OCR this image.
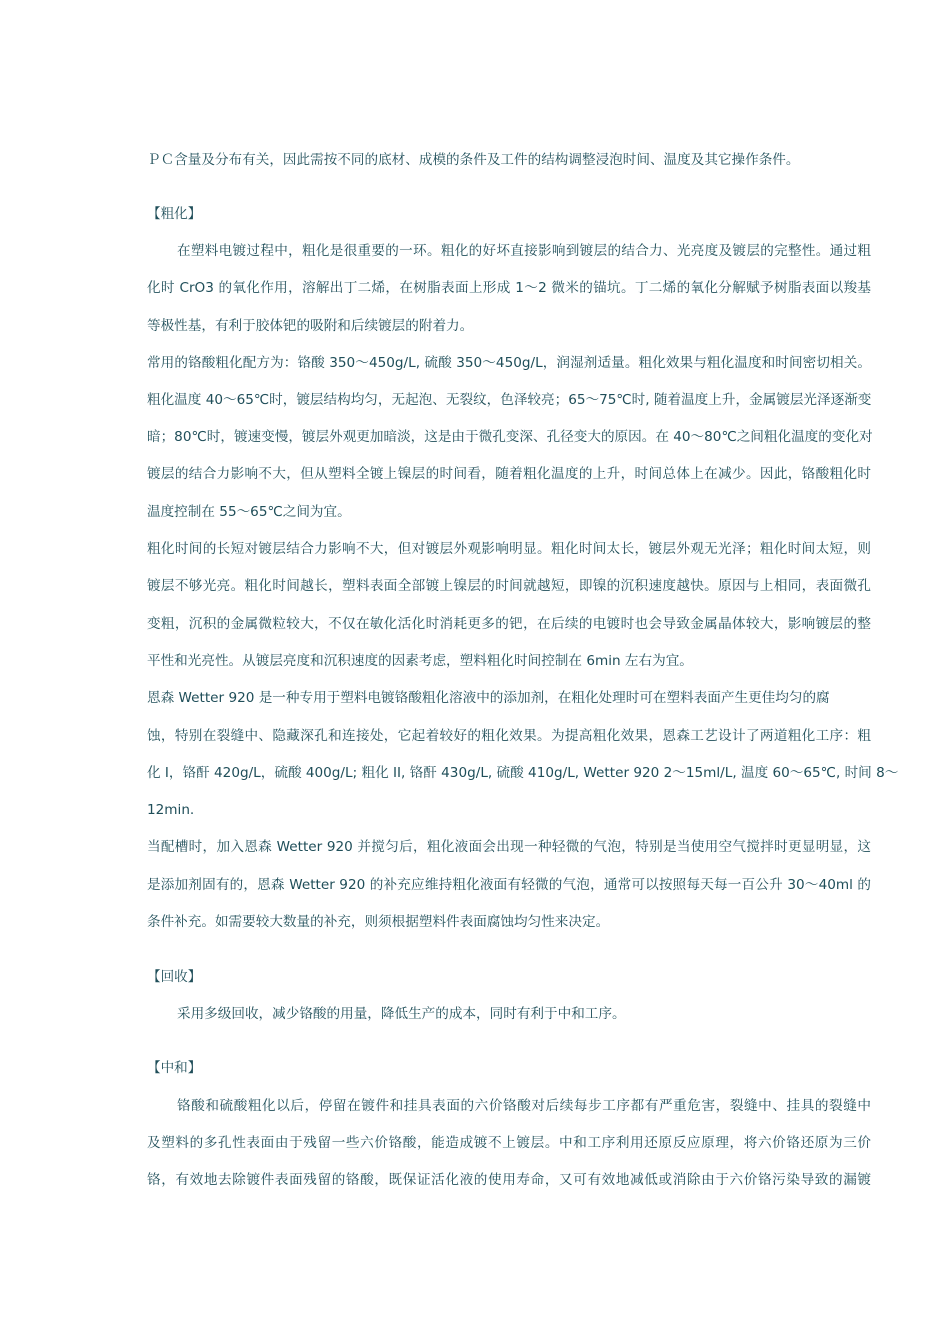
ＰＣ含量及分布有关，因此需按不同的底材、成模的条件及工件的结构调整浸泡时间、温度及其它操作条件。
【粗化】
在塑料电镀过程中，粗化是很重要的一环。粗化的好坏直接影响到镀层的结合力、光亮度及镀层的完整性。通过粗
化时 CrO3 的氧化作用，溶解出丁二烯，在树脂表面上形成 1～2 微米的锚坑。丁二烯的氧化分解赋予树脂表面以羧基
等极性基，有利于胶体钯的吸附和后续镀层的附着力。
常用的铬酸粗化配方为：铬酸 350～450g/L, 硫酸 350～450g/L，润湿剂适量。粗化效果与粗化温度和时间密切相关。
粗化温度 40～65℃时，镀层结构均匀，无起泡、无裂纹，色泽较亮；65～75℃时, 随着温度上升，金属镀层光泽逐渐变
暗；80℃时，镀速变慢，镀层外观更加暗淡，这是由于微孔变深、孔径变大的原因。在 40～80℃之间粗化温度的变化对
镀层的结合力影响不大，但从塑料全镀上镍层的时间看，随着粗化温度的上升，时间总体上在减少。因此，铬酸粗化时
温度控制在 55～65℃之间为宜。
粗化时间的长短对镀层结合力影响不大，但对镀层外观影响明显。粗化时间太长，镀层外观无光泽；粗化时间太短，则
镀层不够光亮。粗化时间越长，塑料表面全部镀上镍层的时间就越短，即镍的沉积速度越快。原因与上相同，表面微孔
变粗，沉积的金属微粒较大，不仅在敏化活化时消耗更多的钯，在后续的电镀时也会导致金属晶体较大，影响镀层的整
平性和光亮性。从镀层亮度和沉积速度的因素考虑，塑料粗化时间控制在 6min 左右为宜。
恩森 Wetter 920 是一种专用于塑料电镀铬酸粗化溶液中的添加剂，在粗化处理时可在塑料表面产生更佳均匀的腐
蚀，特别在裂缝中、隐藏深孔和连接处，它起着较好的粗化效果。为提高粗化效果，恩森工艺设计了两道粗化工序：粗
化 I，铬酐 420g/L，硫酸 400g/L; 粗化 II, 铬酐 430g/L, 硫酸 410g/L, Wetter 920 2～15ml/L, 温度 60～65℃, 时间 8～
12min.
当配槽时，加入恩森 Wetter 920 并搅匀后，粗化液面会出现一种轻微的气泡，特别是当使用空气搅拌时更显明显，这
是添加剂固有的，恩森 Wetter 920 的补充应维持粗化液面有轻微的气泡，通常可以按照每天每一百公升 30～40ml 的
条件补充。如需要较大数量的补充，则须根据塑料件表面腐蚀均匀性来决定。
【回收】
采用多级回收，减少铬酸的用量，降低生产的成本，同时有利于中和工序。
【中和】
铬酸和硫酸粗化以后，停留在镀件和挂具表面的六价铬酸对后续每步工序都有严重危害，裂缝中、挂具的裂缝中
及塑料的多孔性表面由于残留一些六价铬酸，能造成镀不上镀层。中和工序利用还原反应原理，将六价铬还原为三价
铬，有效地去除镀件表面残留的铬酸，既保证活化液的使用寿命，又可有效地减低或消除由于六价铬污染导致的漏镀
